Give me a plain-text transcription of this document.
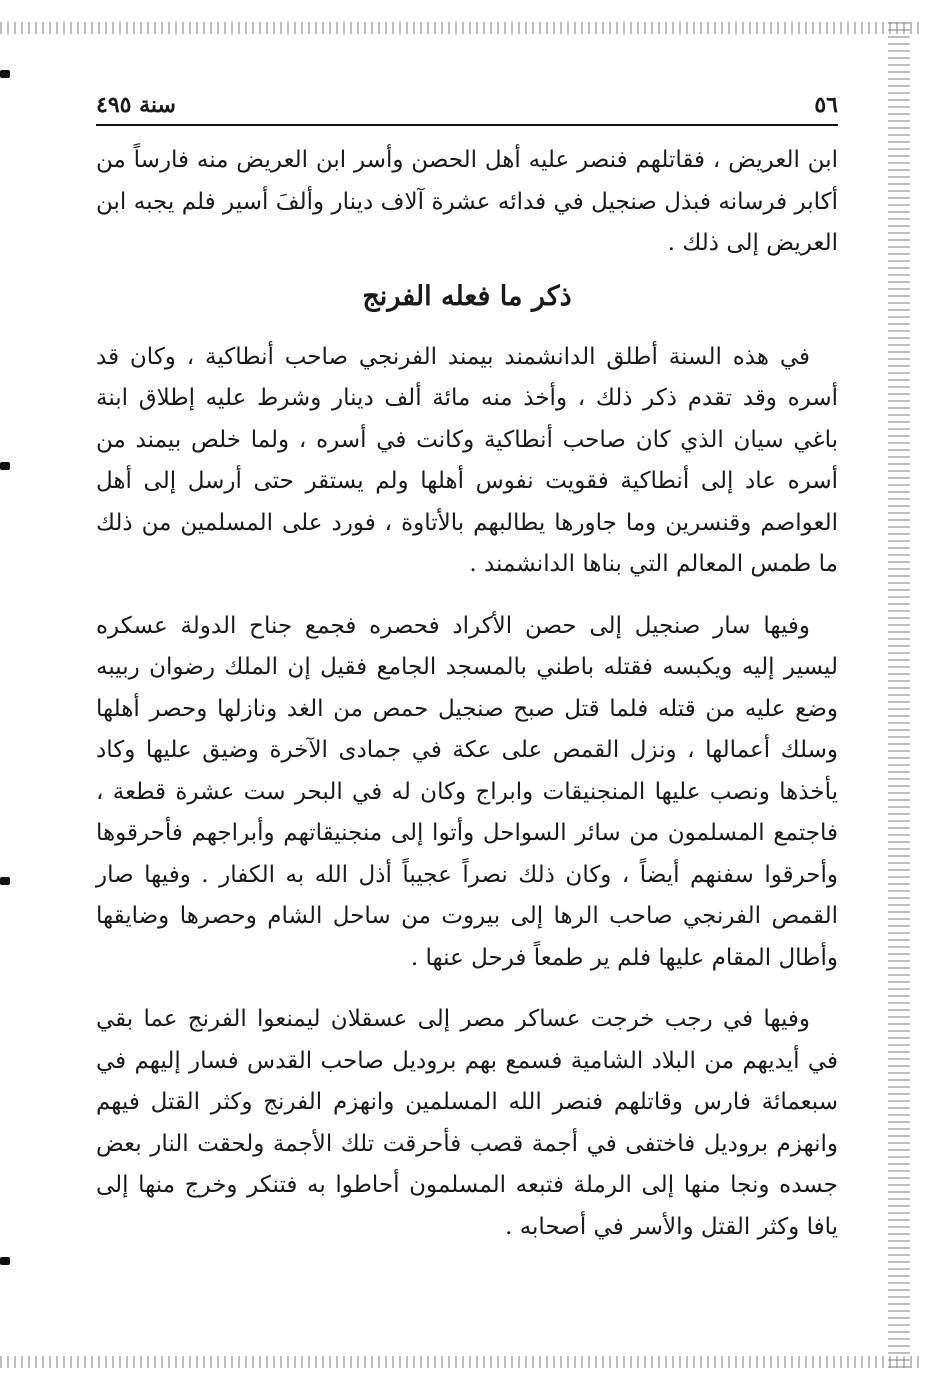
٥٦
سنة ٤٩٥

ابن العريض ، فقاتلهم فنصر عليه أهل الحصن وأسر ابن العريض منه فارساً من أكابر فرسانه فبذل صنجيل في فدائه عشرة آلاف دينار وألفَ أسير فلم يجبه ابن العريض إلى ذلك .

ذكر ما فعله الفرنج

في هذه السنة أطلق الدانشمند بيمند الفرنجي صاحب أنطاكية ، وكان قد أسره وقد تقدم ذكر ذلك ، وأخذ منه مائة ألف دينار وشرط عليه إطلاق ابنة باغي سيان الذي كان صاحب أنطاكية وكانت في أسره ، ولما خلص بيمند من أسره عاد إلى أنطاكية فقويت نفوس أهلها ولم يستقر حتى أرسل إلى أهل العواصم وقنسرين وما جاورها يطالبهم بالأتاوة ، فورد على المسلمين من ذلك ما طمس المعالم التي بناها الدانشمند .

وفيها سار صنجيل إلى حصن الأكراد فحصره فجمع جناح الدولة عسكره ليسير إليه ويكبسه فقتله باطني بالمسجد الجامع فقيل إن الملك رضوان ربيبه وضع عليه من قتله فلما قتل صبح صنجيل حمص من الغد ونازلها وحصر أهلها وسلك أعمالها ، ونزل القمص على عكة في جمادى الآخرة وضيق عليها وكاد يأخذها ونصب عليها المنجنيقات وابراج وكان له في البحر ست عشرة قطعة ، فاجتمع المسلمون من سائر السواحل وأتوا إلى منجنيقاتهم وأبراجهم فأحرقوها وأحرقوا سفنهم أيضاً ، وكان ذلك نصراً عجيباً أذل الله به الكفار . وفيها صار القمص الفرنجي صاحب الرها إلى بيروت من ساحل الشام وحصرها وضايقها وأطال المقام عليها فلم ير طمعاً فرحل عنها .

وفيها في رجب خرجت عساكر مصر إلى عسقلان ليمنعوا الفرنج عما بقي في أيديهم من البلاد الشامية فسمع بهم بروديل صاحب القدس فسار إليهم في سبعمائة فارس وقاتلهم فنصر الله المسلمين وانهزم الفرنج وكثر القتل فيهم وانهزم بروديل فاختفى في أجمة قصب فأحرقت تلك الأجمة ولحقت النار بعض جسده ونجا منها إلى الرملة فتبعه المسلمون أحاطوا به فتنكر وخرج منها إلى يافا وكثر القتل والأسر في أصحابه .
